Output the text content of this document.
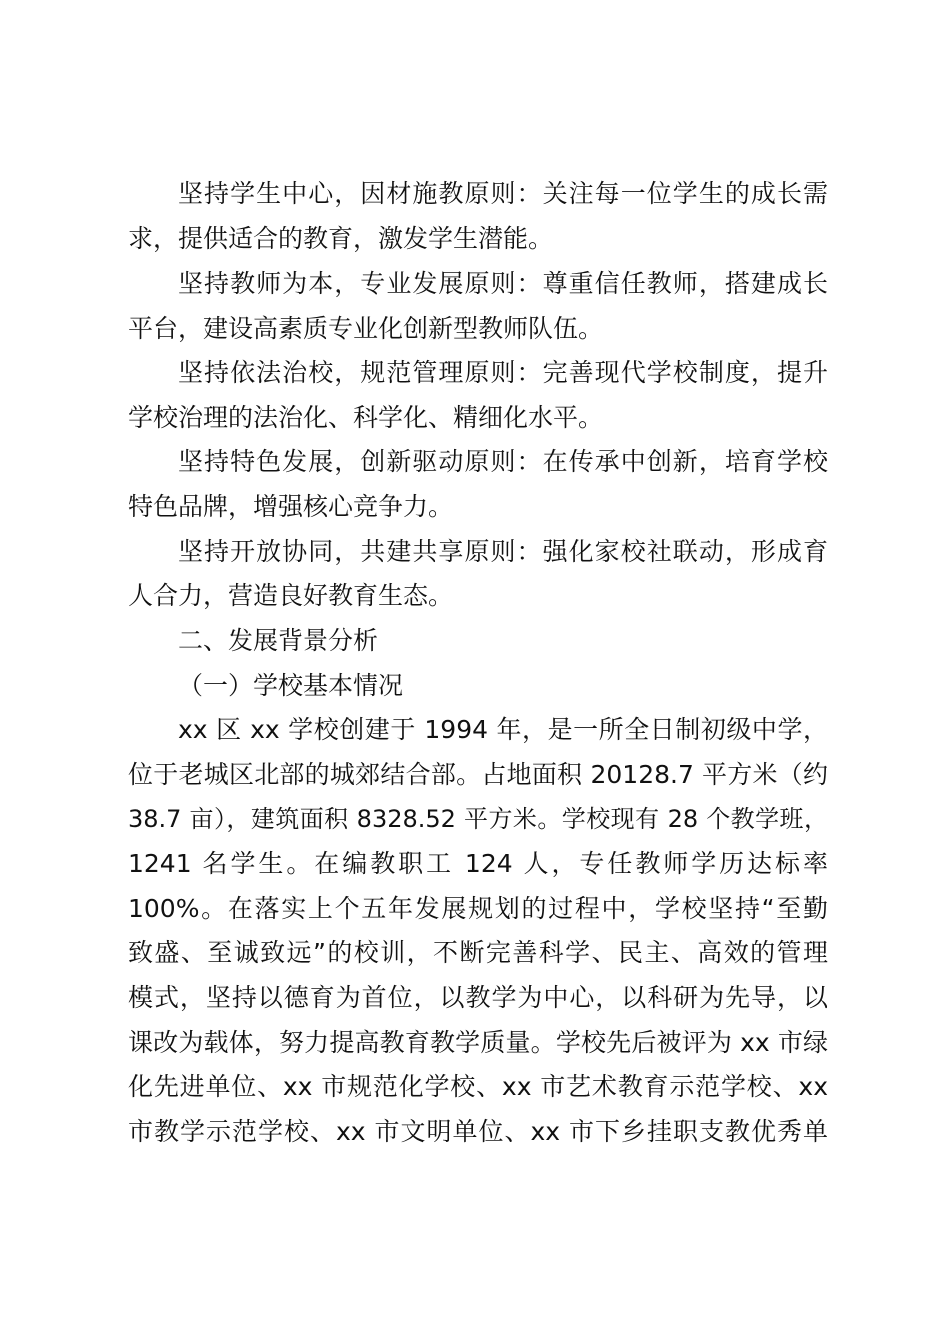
坚持学生中心，因材施教原则：关注每一位学生的成长需
求，提供适合的教育，激发学生潜能。
坚持教师为本，专业发展原则：尊重信任教师，搭建成长
平台，建设高素质专业化创新型教师队伍。
坚持依法治校，规范管理原则：完善现代学校制度，提升
学校治理的法治化、科学化、精细化水平。
坚持特色发展，创新驱动原则：在传承中创新，培育学校
特色品牌，增强核心竞争力。
坚持开放协同，共建共享原则：强化家校社联动，形成育
人合力，营造良好教育生态。
二、发展背景分析
（一）学校基本情况
xx 区 xx 学校创建于 1994 年，是一所全日制初级中学，
位于老城区北部的城郊结合部。占地面积 20128.7 平方米（约
38.7 亩），建筑面积 8328.52 平方米。学校现有 28 个教学班，
1241 名学生。在编教职工 124 人，专任教师学历达标率
100%。在落实上个五年发展规划的过程中，学校坚持“至勤
致盛、至诚致远”的校训，不断完善科学、民主、高效的管理
模式，坚持以德育为首位，以教学为中心，以科研为先导，以
课改为载体，努力提高教育教学质量。学校先后被评为 xx 市绿
化先进单位、xx 市规范化学校、xx 市艺术教育示范学校、xx
市教学示范学校、xx 市文明单位、xx 市下乡挂职支教优秀单
